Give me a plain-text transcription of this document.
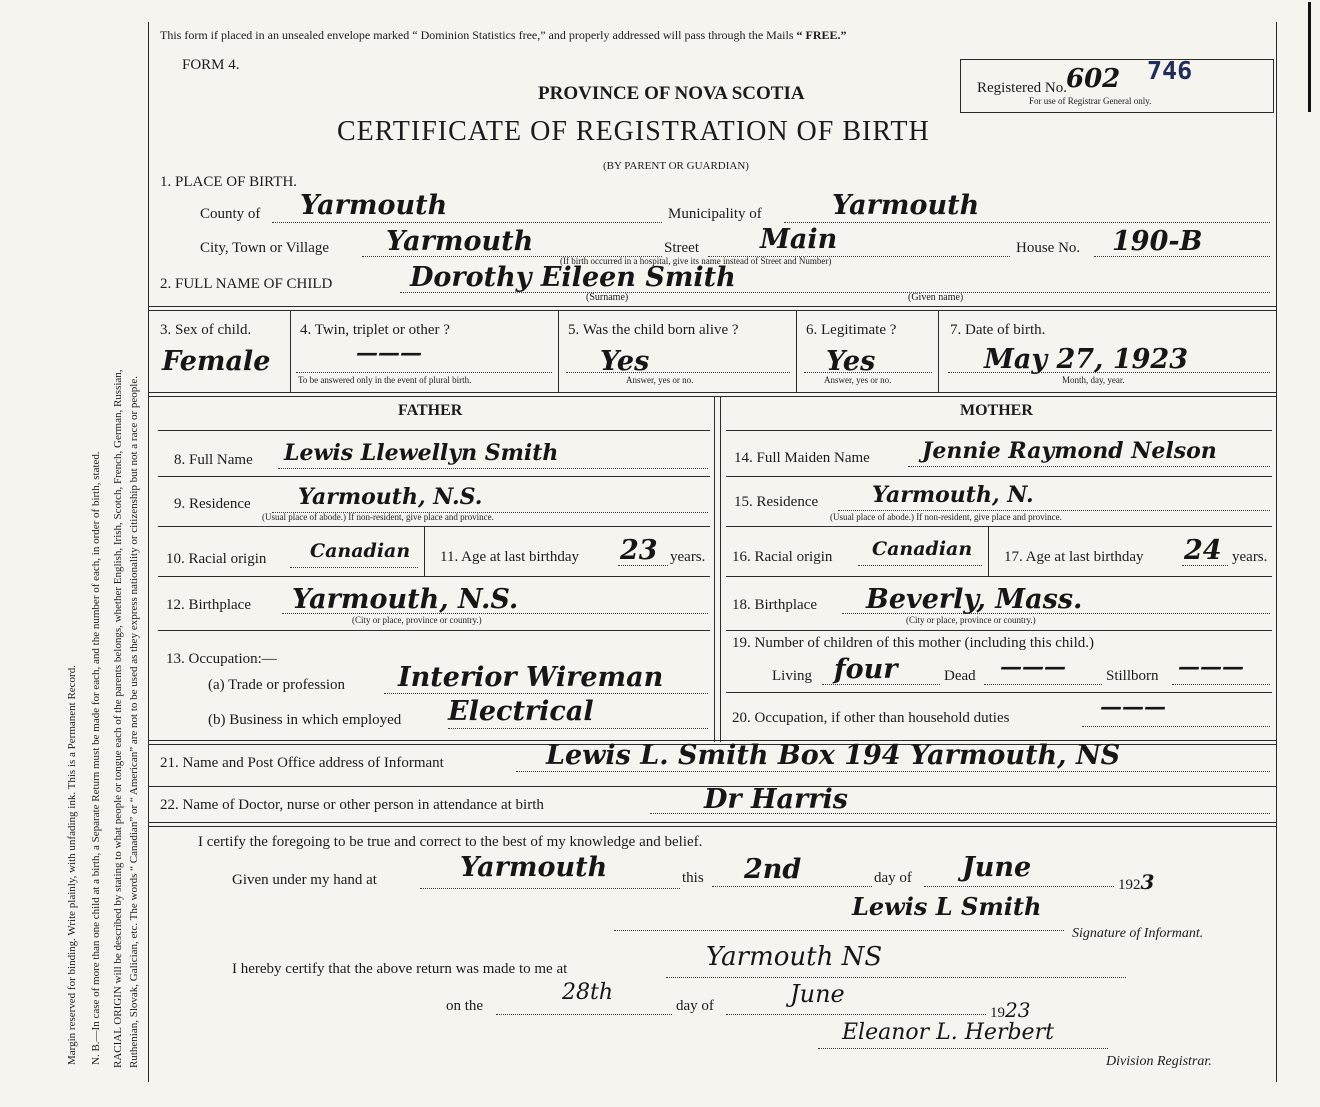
Margin reserved for binding. Write plainly, with unfading ink. This is a Permanent Record. N. B.—In case of more than one child at a birth, a Separate Return must be made for each, and the number of each, in order of birth, stated. RACIAL ORIGIN will be described by stating to what people or tongue each of the parents belongs, whether English, Irish, Scotch, French, German, Russian, Ruthenian, Slovak, Galician, etc. The words “ Canadian” or “ American” are not to be used as they express nationality or citizenship but not a race or people.
This form if placed in an unsealed envelope marked “ Dominion Statistics free,” and properly addressed will pass through the Mails “ FREE.”
FORM 4.
PROVINCE OF NOVA SCOTIA
CERTIFICATE OF REGISTRATION OF BIRTH
(BY PARENT OR GUARDIAN)
Registered No. 602 746
For use of Registrar General only.
1. PLACE OF BIRTH.
County of Yarmouth	Municipality of	Yarmouth
City, Town or Village Yarmouth	Street Main	House No. 190-B
(If birth occurred in a hospital, give its name instead of Street and Number)
2. FULL NAME OF CHILD	Dorothy Eileen Smith
(Surname)	(Given name)
3. Sex of child.
Female
4. Twin, triplet or other ?
———
To be answered only in the event of plural birth.
5. Was the child born alive ?
Yes
Answer, yes or no.
6. Legitimate ?
Yes
Answer, yes or no.
7. Date of birth.
May 27, 1923
Month, day, year.
FATHER	MOTHER
8. Full Name Lewis Llewellyn Smith	14. Full Maiden Name Jennie Raymond Nelson
9. Residence Yarmouth, N.S.
(Usual place of abode.) If non-resident, give place and province.
15. Residence Yarmouth, N.
(Usual place of abode.) If non-resident, give place and province.
10. Racial origin Canadian 11. Age at last birthday 23 years. 16. Racial origin Canadian 17. Age at last birthday 24 years.
12. Birthplace Yarmouth, N.S.
(City or place, province or country.)
18. Birthplace Beverly, Mass.
(City or place, province or country.)
13. Occupation:—
(a) Trade or profession Interior Wireman
(b) Business in which employed Electrical
19. Number of children of this mother (including this child.)
Living four	Dead ———	Stillborn ———
20. Occupation, if other than household duties	———
21. Name and Post Office address of Informant	Lewis L. Smith Box 194 Yarmouth, NS
22. Name of Doctor, nurse or other person in attendance at birth	Dr Harris
I certify the foregoing to be true and correct to the best of my knowledge and belief.
Given under my hand at	Yarmouth	this 2nd	day of June
1923
Lewis L Smith
Signature of Informant.
I hereby certify that the above return was made to me at	Yarmouth NS
on the
28th
day of	June
1923
Eleanor L. Herbert
Division Registrar.
